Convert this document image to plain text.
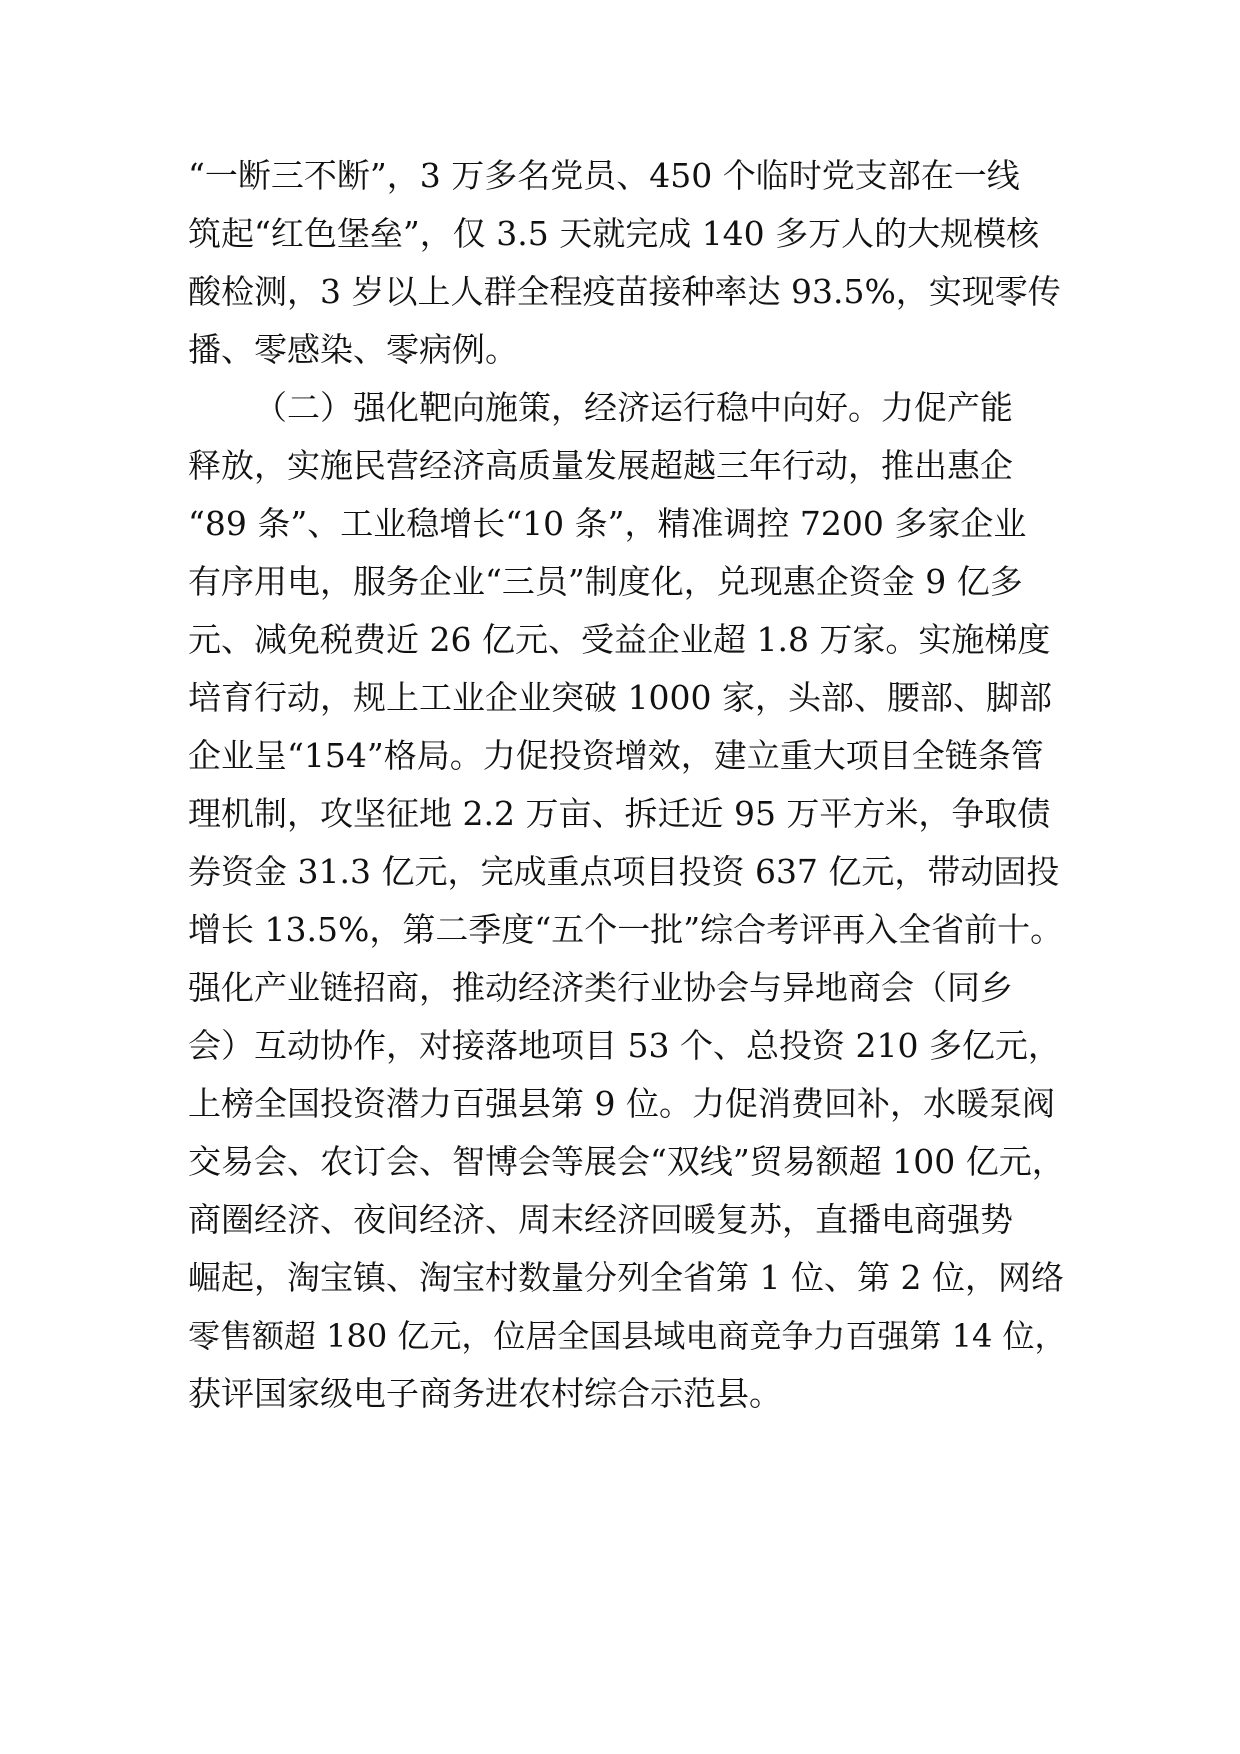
“一断三不断”，3 万多名党员、450 个临时党支部在一线
筑起“红色堡垒”，仅 3.5 天就完成 140 多万人的大规模核
酸检测，3 岁以上人群全程疫苗接种率达 93.5%，实现零传
播、零感染、零病例。
（二）强化靶向施策，经济运行稳中向好。力促产能
释放，实施民营经济高质量发展超越三年行动，推出惠企
“89 条”、工业稳增长“10 条”，精准调控 7200 多家企业
有序用电，服务企业“三员”制度化，兑现惠企资金 9 亿多
元、减免税费近 26 亿元、受益企业超 1.8 万家。实施梯度
培育行动，规上工业企业突破 1000 家，头部、腰部、脚部
企业呈“154”格局。力促投资增效，建立重大项目全链条管
理机制，攻坚征地 2.2 万亩、拆迁近 95 万平方米，争取债
券资金 31.3 亿元，完成重点项目投资 637 亿元，带动固投
增长 13.5%，第二季度“五个一批”综合考评再入全省前十。
强化产业链招商，推动经济类行业协会与异地商会（同乡
会）互动协作，对接落地项目 53 个、总投资 210 多亿元，
上榜全国投资潜力百强县第 9 位。力促消费回补，水暖泵阀
交易会、农订会、智博会等展会“双线”贸易额超 100 亿元，
商圈经济、夜间经济、周末经济回暖复苏，直播电商强势
崛起，淘宝镇、淘宝村数量分列全省第 1 位、第 2 位，网络
零售额超 180 亿元，位居全国县域电商竞争力百强第 14 位，
获评国家级电子商务进农村综合示范县。
